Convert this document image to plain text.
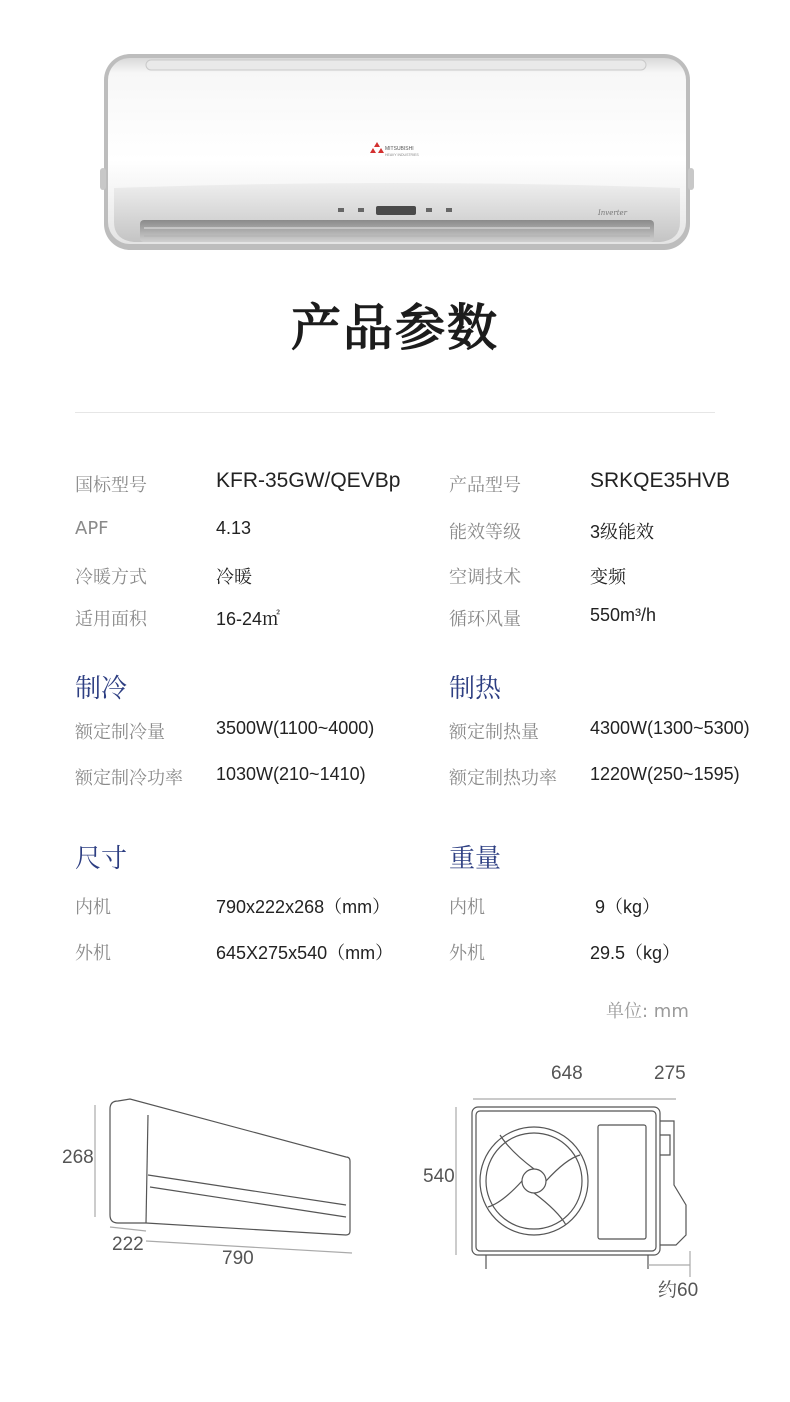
Inverter
MITSUBISHI
HEAVY INDUSTRIES
产品参数
国标型号	KFR-35GW/QEVBp	产品型号	SRKQE35HVB
APF	4.13	能效等级	3级能效
冷暖方式	冷暖	空调技术	变频
适用面积	16-24㎡	循环风量	550m³/h
制冷	制热
额定制冷量	3500W(1100~4000)	额定制热量	4300W(1300~5300)
额定制冷功率 1030W(210~1410)	额定制热功率 1220W(250~1595)
尺寸	重量
内机	790x222x268（mm）	内机	9（kg）
外机	645X275x540（mm）	外机	29.5（kg）
单位: mm
268
222
790
648	275
540
约60
